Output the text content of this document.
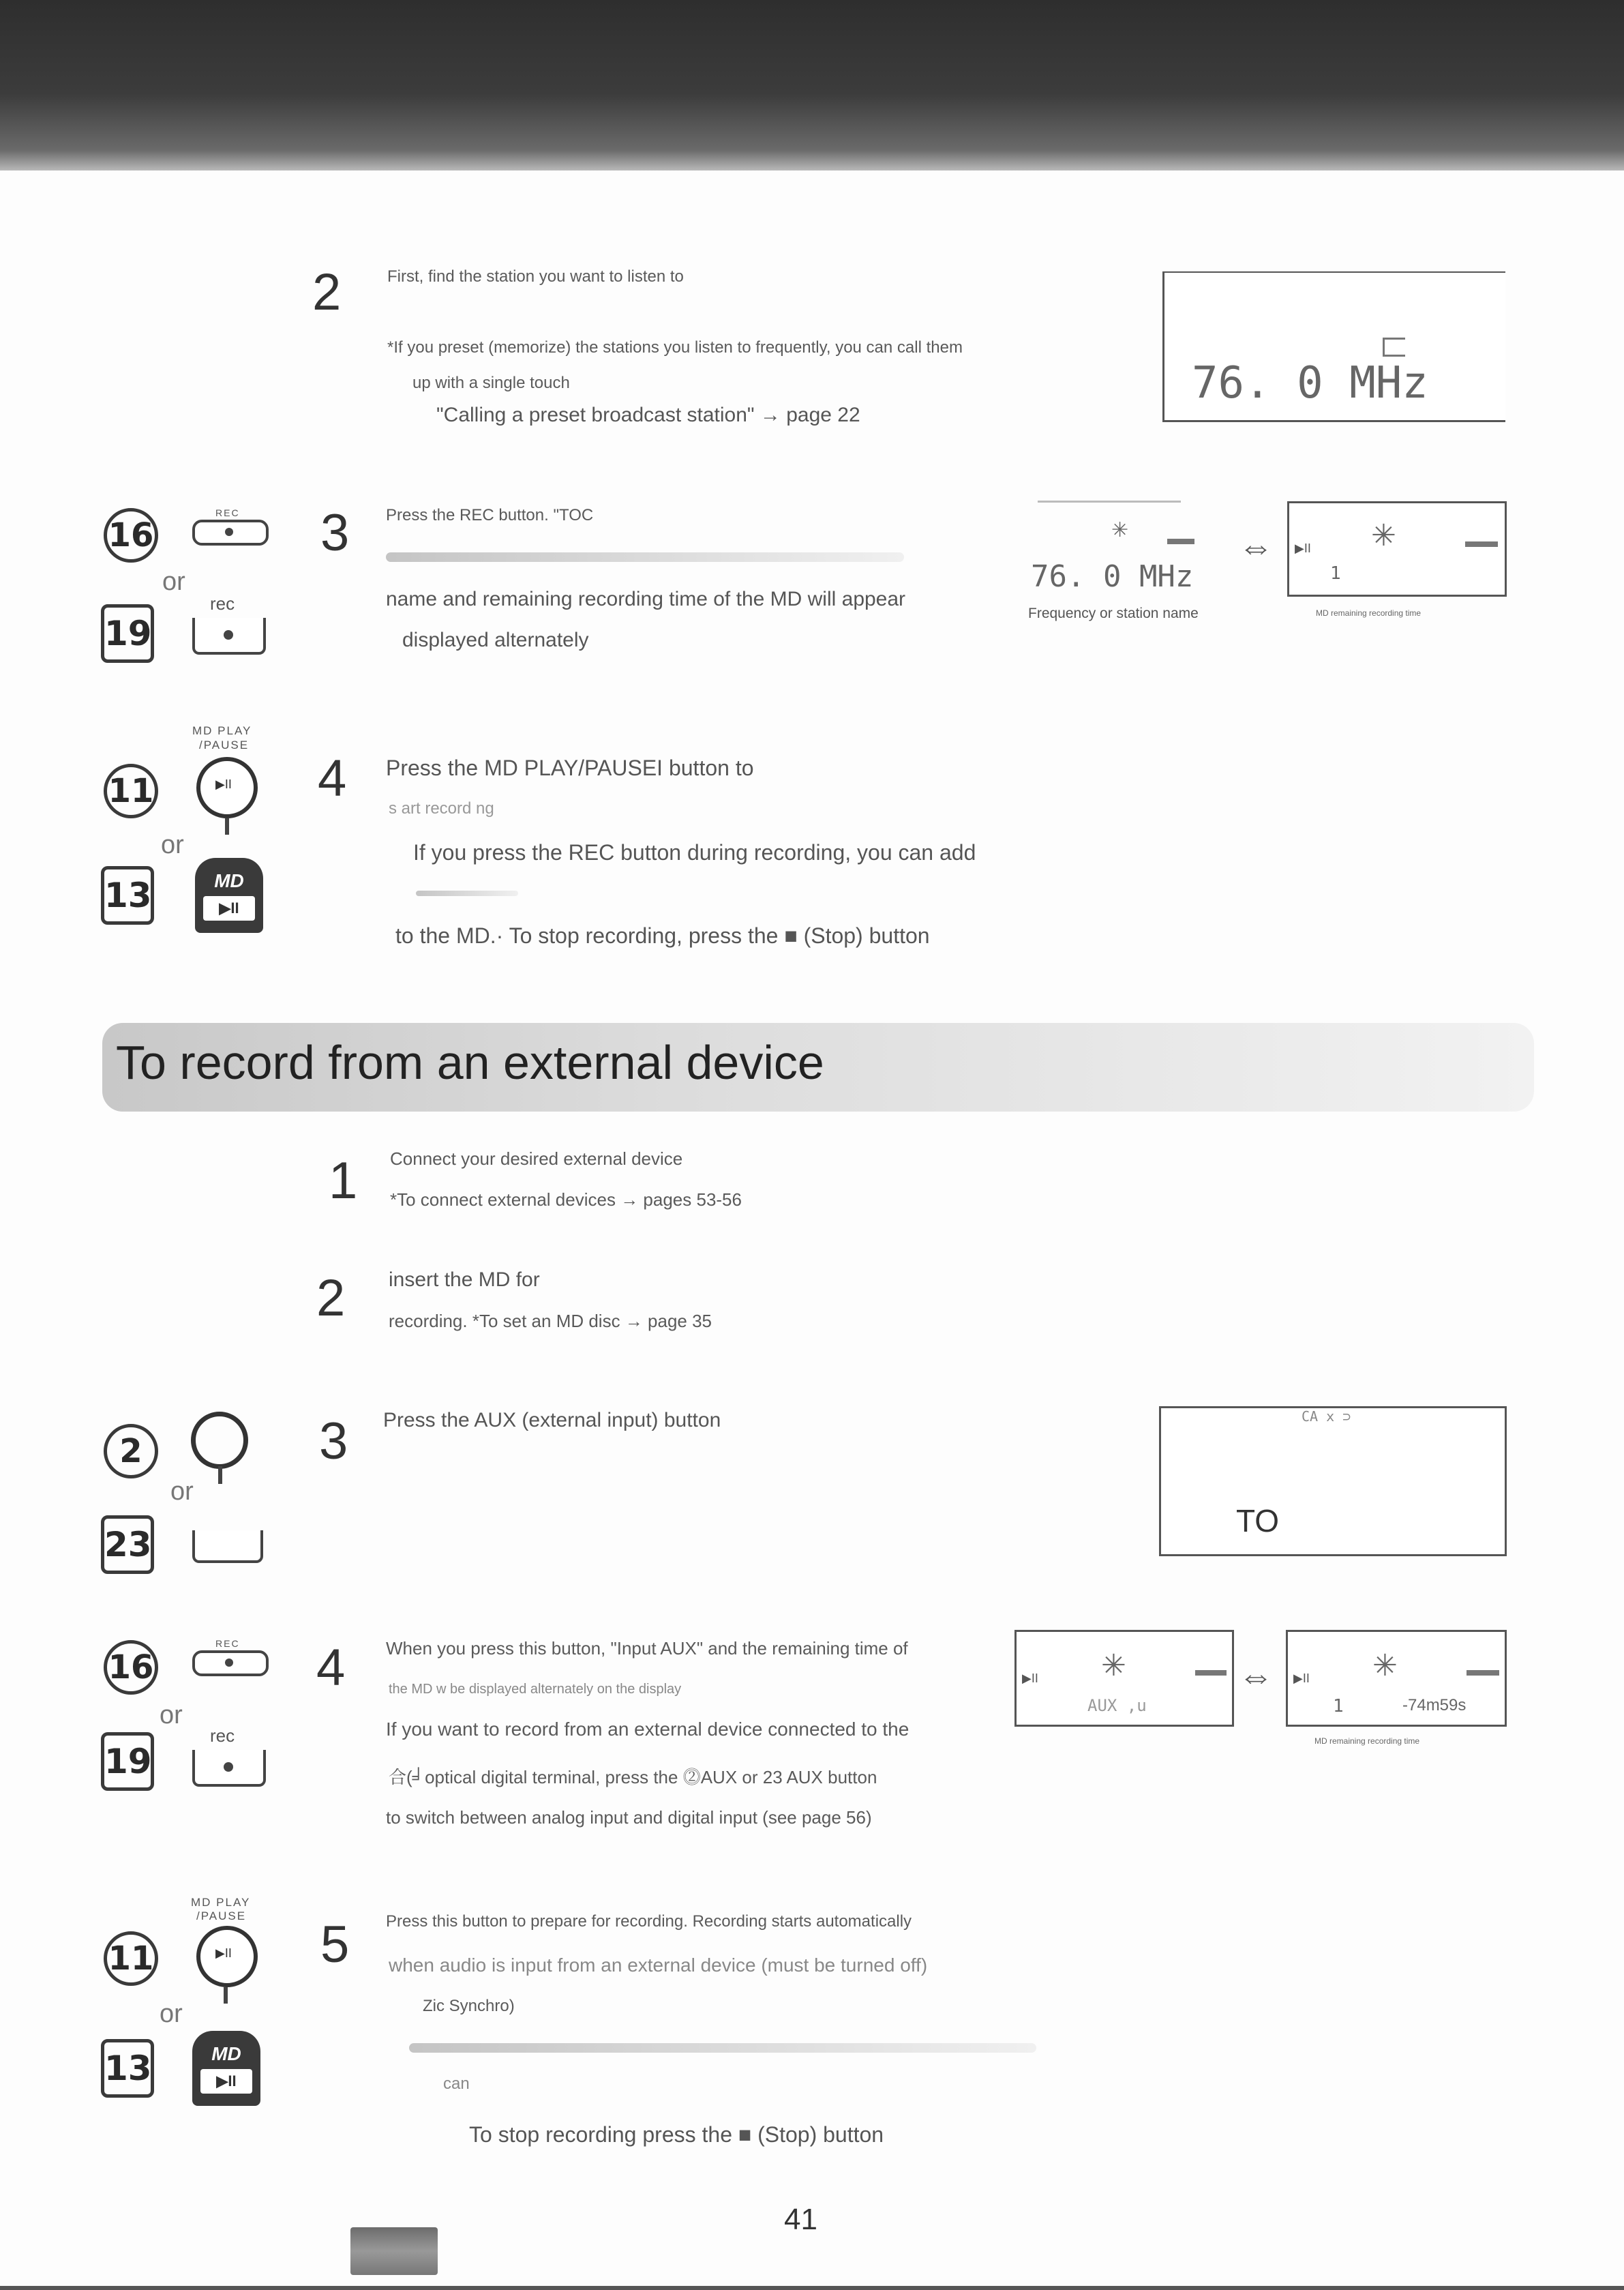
2	First, find the station you want to listen to
*If you preset (memorize) the stations you listen to frequently, you can call them
up with a single touch
"Calling a preset broadcast station" → page 22
76. 0 MHz
16
REC
or
rec
19
3 Press the REC button. "TOC
name and remaining recording time of the MD will appear
displayed alternately
✳
76. 0 MHz
⇔ ▶II ✳
1
Frequency or station name	MD remaining recording time
MD PLAY
/PAUSE
11	▶II
or
13	MD
▶II
4 Press the MD PLAY/PAUSEI button to
s art record ng
If you press the REC button during recording, you can add
to the MD.· To stop recording, press the ■ (Stop) button
To record from an external device
1 Connect your desired external device
*To connect external devices → pages 53-56
2 insert the MD for
recording. *To set an MD disc → page 35
2
or
23
3 Press the AUX (external input) button	CA x ⊃
TO
16
REC
or
rec
19
4 When you press this button, "Input AUX" and the remaining time of
the MD w be displayed alternately on the display
If you want to record from an external device connected to the
合(╛optical digital terminal, press the ⓶AUX or 23 AUX button
to switch between analog input and digital input (see page 56)
▶II ✳
AUX ,u
⇔ ▶II ✳
1	-74m59s
MD remaining recording time
MD PLAY
/PAUSE
11	▶II
or
13	MD
▶II
5 Press this button to prepare for recording. Recording starts automatically
when audio is input from an external device (must be turned off)
Zic Synchro)
can
To stop recording press the ■ (Stop) button
41
